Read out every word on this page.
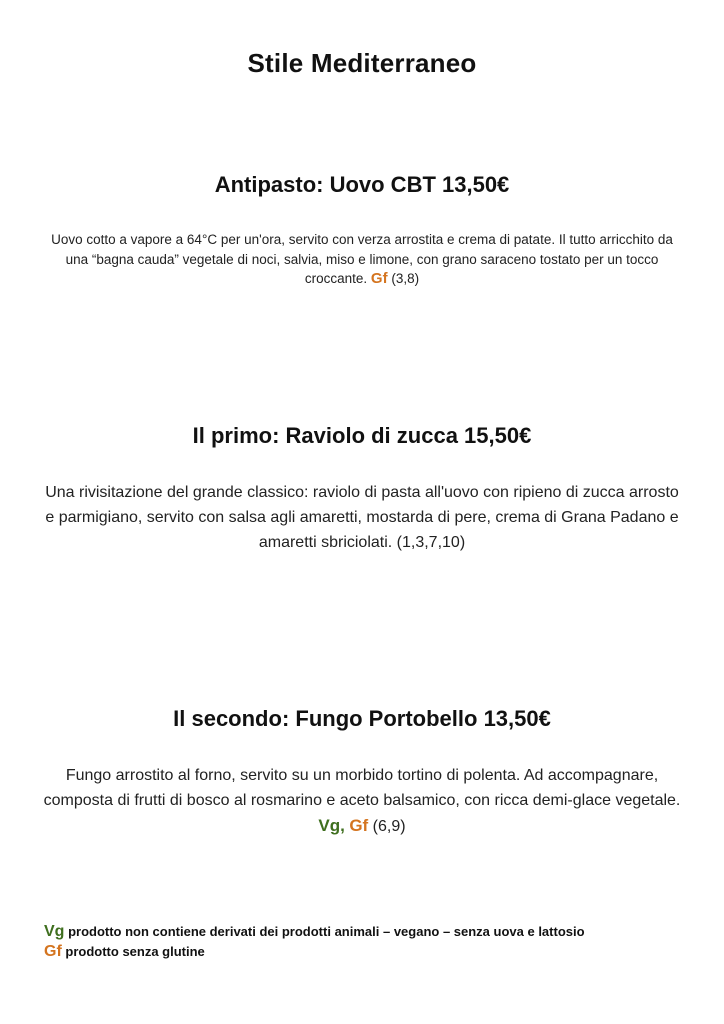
Stile Mediterraneo
Antipasto: Uovo CBT 13,50€
Uovo cotto a vapore a 64°C per un'ora, servito con verza arrostita e crema di patate. Il tutto arricchito da una “bagna cauda” vegetale di noci, salvia, miso e limone, con grano saraceno tostato per un tocco croccante. Gf (3,8)
Il primo: Raviolo di zucca 15,50€
Una rivisitazione del grande classico: raviolo di pasta all'uovo con ripieno di zucca arrosto e parmigiano, servito con salsa agli amaretti, mostarda di pere, crema di Grana Padano e amaretti sbriciolati. (1,3,7,10)
Il secondo: Fungo Portobello 13,50€
Fungo arrostito al forno, servito su un morbido tortino di polenta. Ad accompagnare, composta di frutti di bosco al rosmarino e aceto balsamico, con ricca demi-glace vegetale. Vg, Gf (6,9)
Vg prodotto non contiene derivati dei prodotti animali – vegano – senza uova e lattosio
Gf prodotto senza glutine
